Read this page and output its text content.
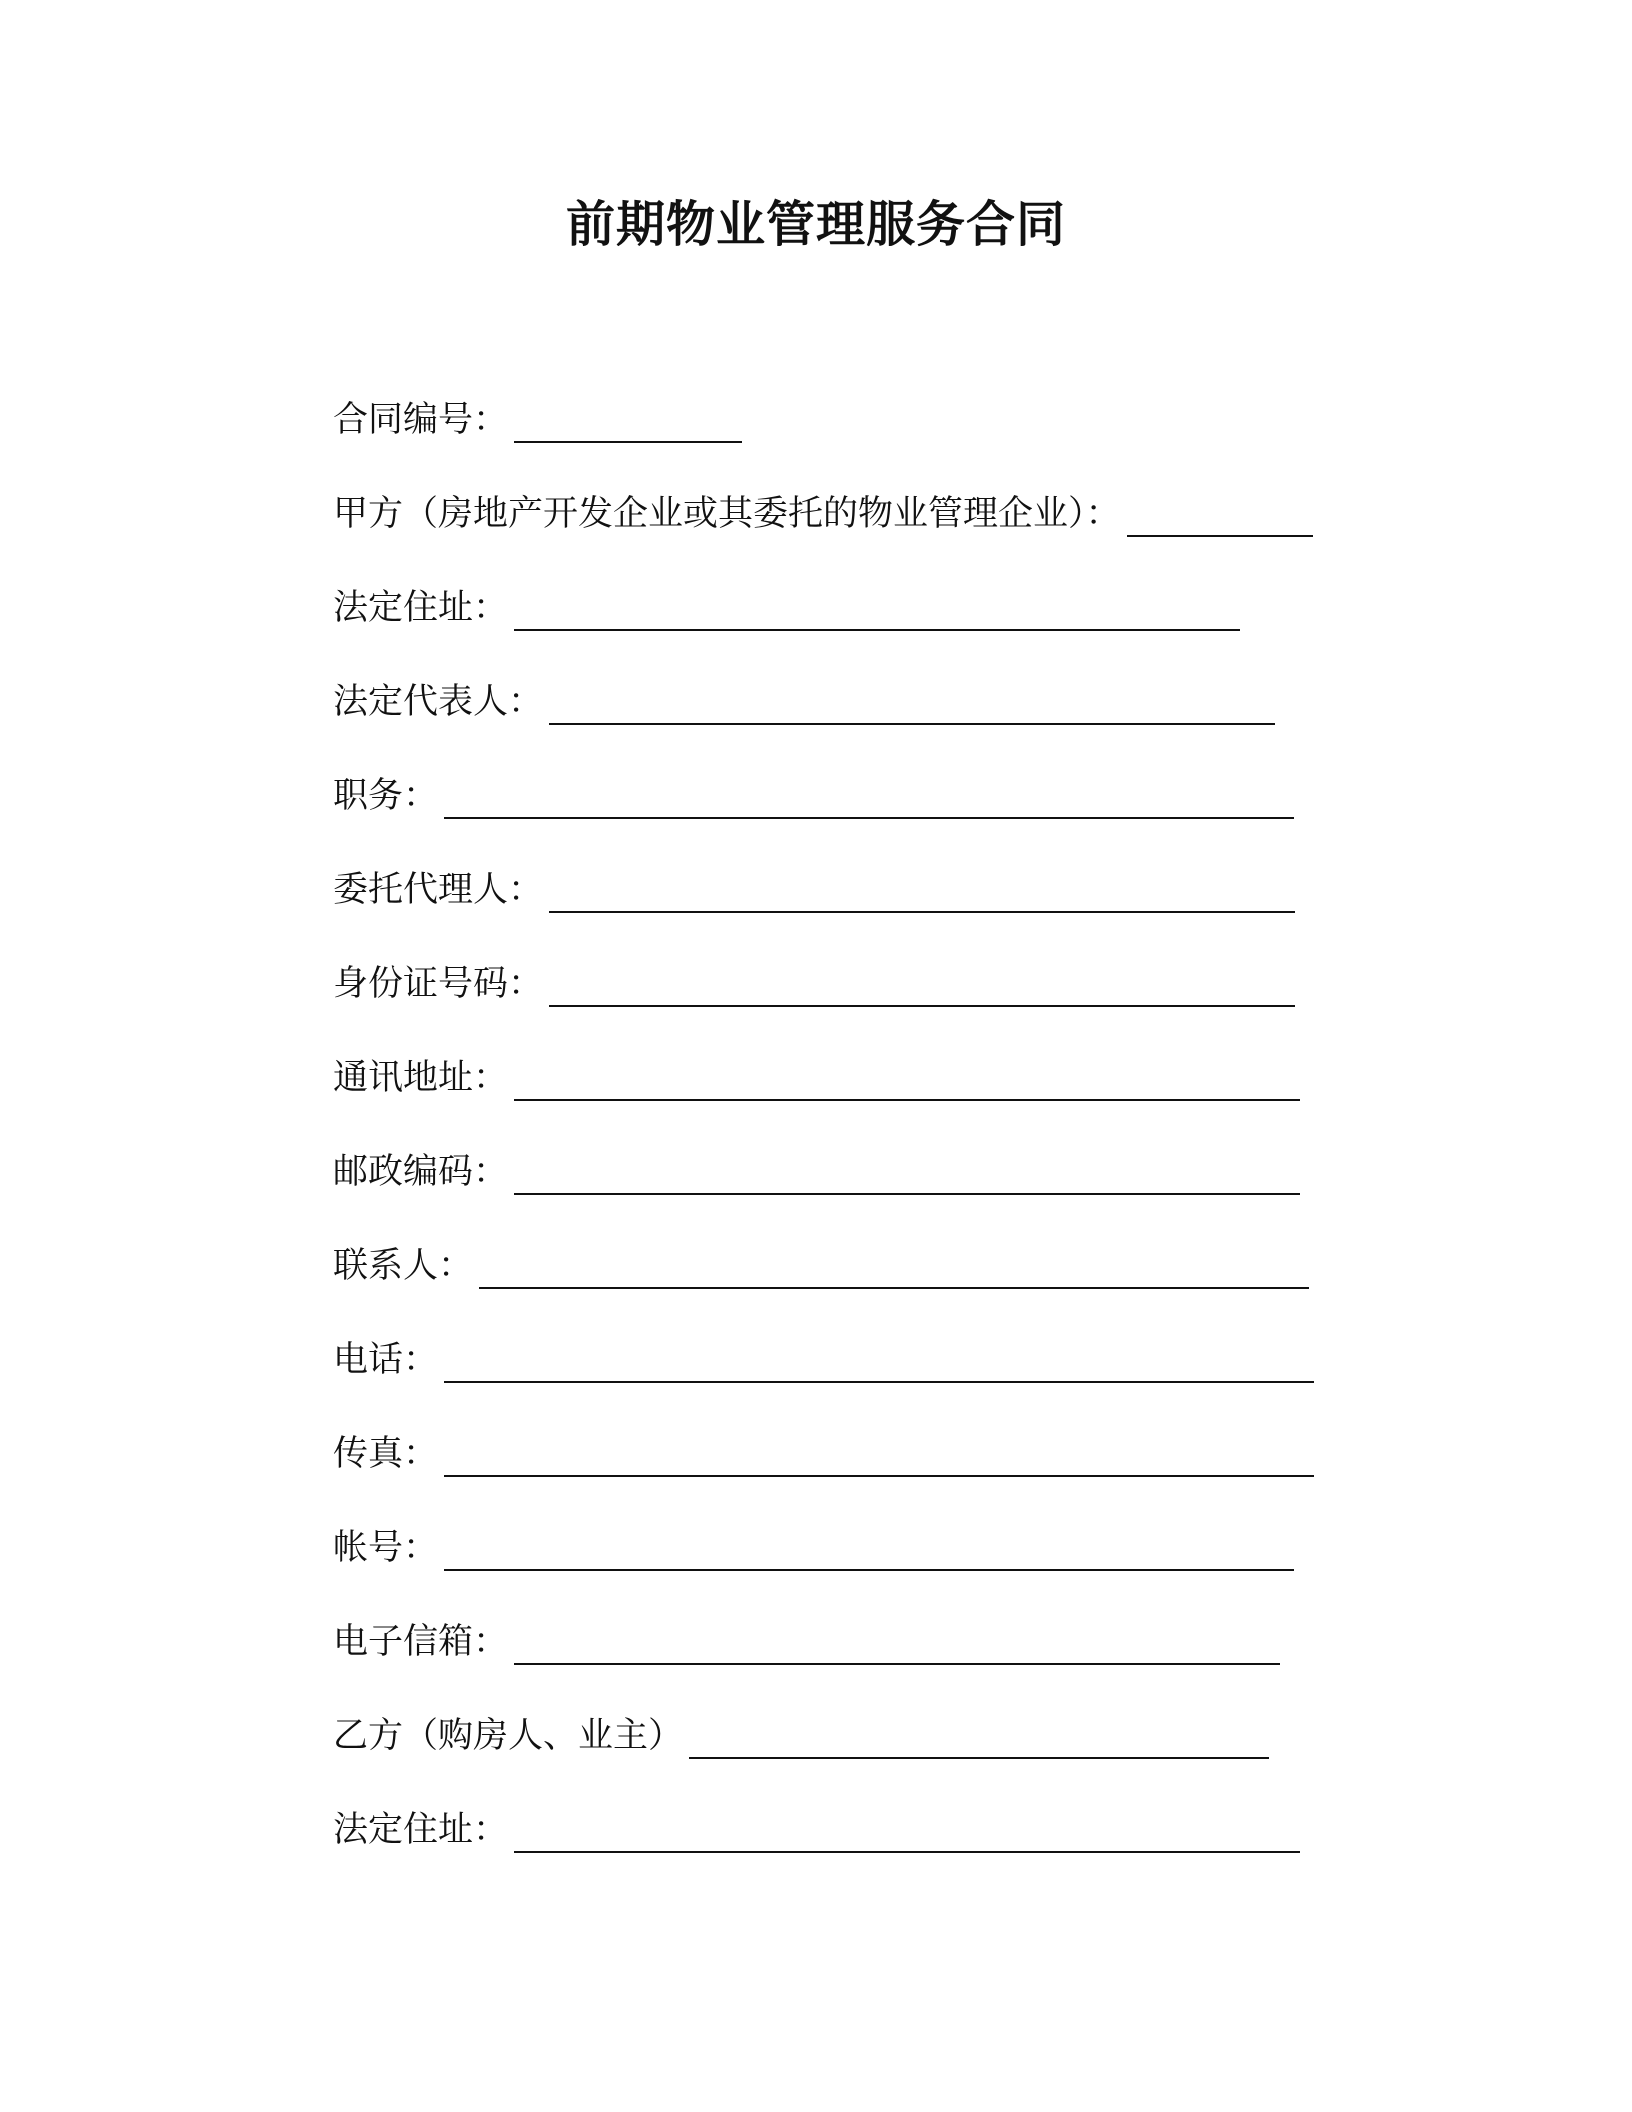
前期物业管理服务合同
合同编号：
甲方（房地产开发企业或其委托的物业管理企业）：
法定住址：
法定代表人：
职务：
委托代理人：
身份证号码：
通讯地址：
邮政编码：
联系人：
电话：
传真：
帐号：
电子信箱：
乙方（购房人、业主）
法定住址：
